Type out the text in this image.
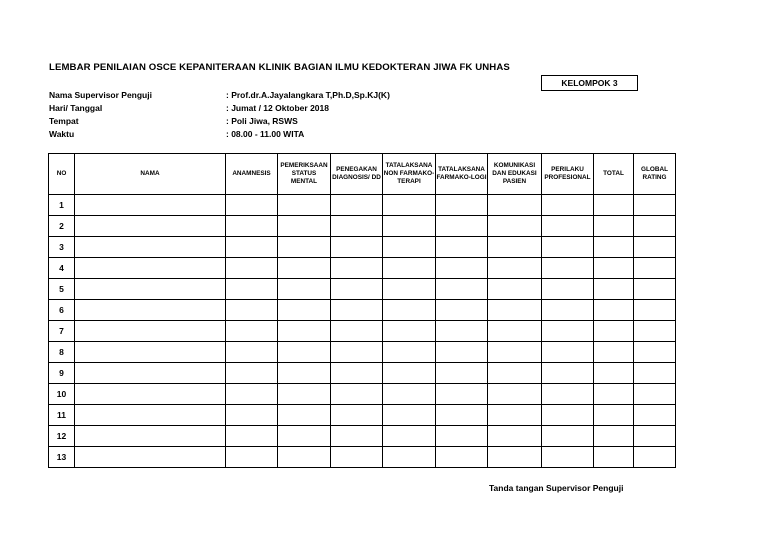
LEMBAR PENILAIAN OSCE KEPANITERAAN KLINIK BAGIAN ILMU KEDOKTERAN JIWA FK UNHAS
KELOMPOK 3
Nama Supervisor Penguji	: Prof.dr.A.Jayalangkara T,Ph.D,Sp.KJ(K)
Hari/ Tanggal	: Jumat / 12 Oktober 2018
Tempat	: Poli Jiwa, RSWS
Waktu	: 08.00 - 11.00 WITA
NO	NAMA	ANAMNESIS	PEMERIKSAAN STATUS MENTAL	PENEGAKAN DIAGNOSIS/ DD	TATALAKSANA NON FARMAKO-TERAPI	TATALAKSANA FARMAKO-LOGI	KOMUNIKASI DAN EDUKASI PASIEN	PERILAKU PROFESIONAL	TOTAL	GLOBAL RATING
1										
2										
3										
4										
5										
6										
7										
8										
9										
10										
11										
12										
13										
Tanda tangan Supervisor Penguji
